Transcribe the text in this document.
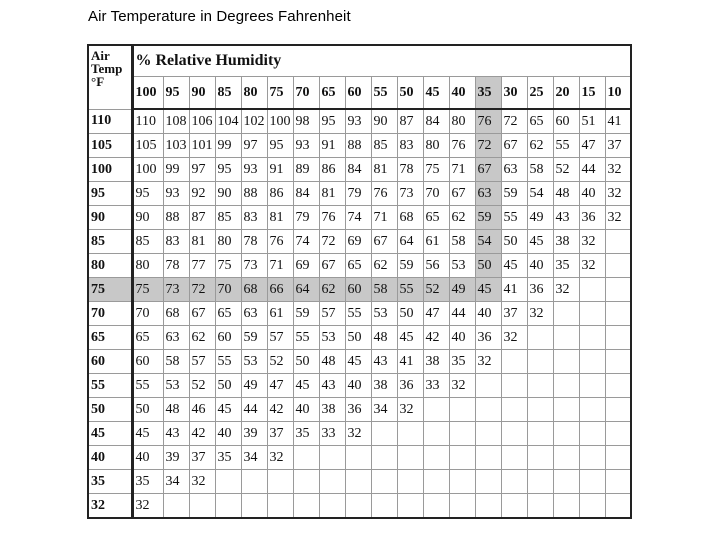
Air Temperature in Degrees Fahrenheit
Air
Temp
°F	% Relative Humidity																		
	100	95	90	85	80	75	70	65	60	55	50	45	40	35	30	25	20	15	10
110	110	108	106	104	102	100	98	95	93	90	87	84	80	76	72	65	60	51	41
105	105	103	101	99	97	95	93	91	88	85	83	80	76	72	67	62	55	47	37
100	100	99	97	95	93	91	89	86	84	81	78	75	71	67	63	58	52	44	32
95	95	93	92	90	88	86	84	81	79	76	73	70	67	63	59	54	48	40	32
90	90	88	87	85	83	81	79	76	74	71	68	65	62	59	55	49	43	36	32
85	85	83	81	80	78	76	74	72	69	67	64	61	58	54	50	45	38	32	
80	80	78	77	75	73	71	69	67	65	62	59	56	53	50	45	40	35	32	
75	75	73	72	70	68	66	64	62	60	58	55	52	49	45	41	36	32		
70	70	68	67	65	63	61	59	57	55	53	50	47	44	40	37	32			
65	65	63	62	60	59	57	55	53	50	48	45	42	40	36	32				
60	60	58	57	55	53	52	50	48	45	43	41	38	35	32					
55	55	53	52	50	49	47	45	43	40	38	36	33	32						
50	50	48	46	45	44	42	40	38	36	34	32								
45	45	43	42	40	39	37	35	33	32										
40	40	39	37	35	34	32													
35	35	34	32																
32	32																		
